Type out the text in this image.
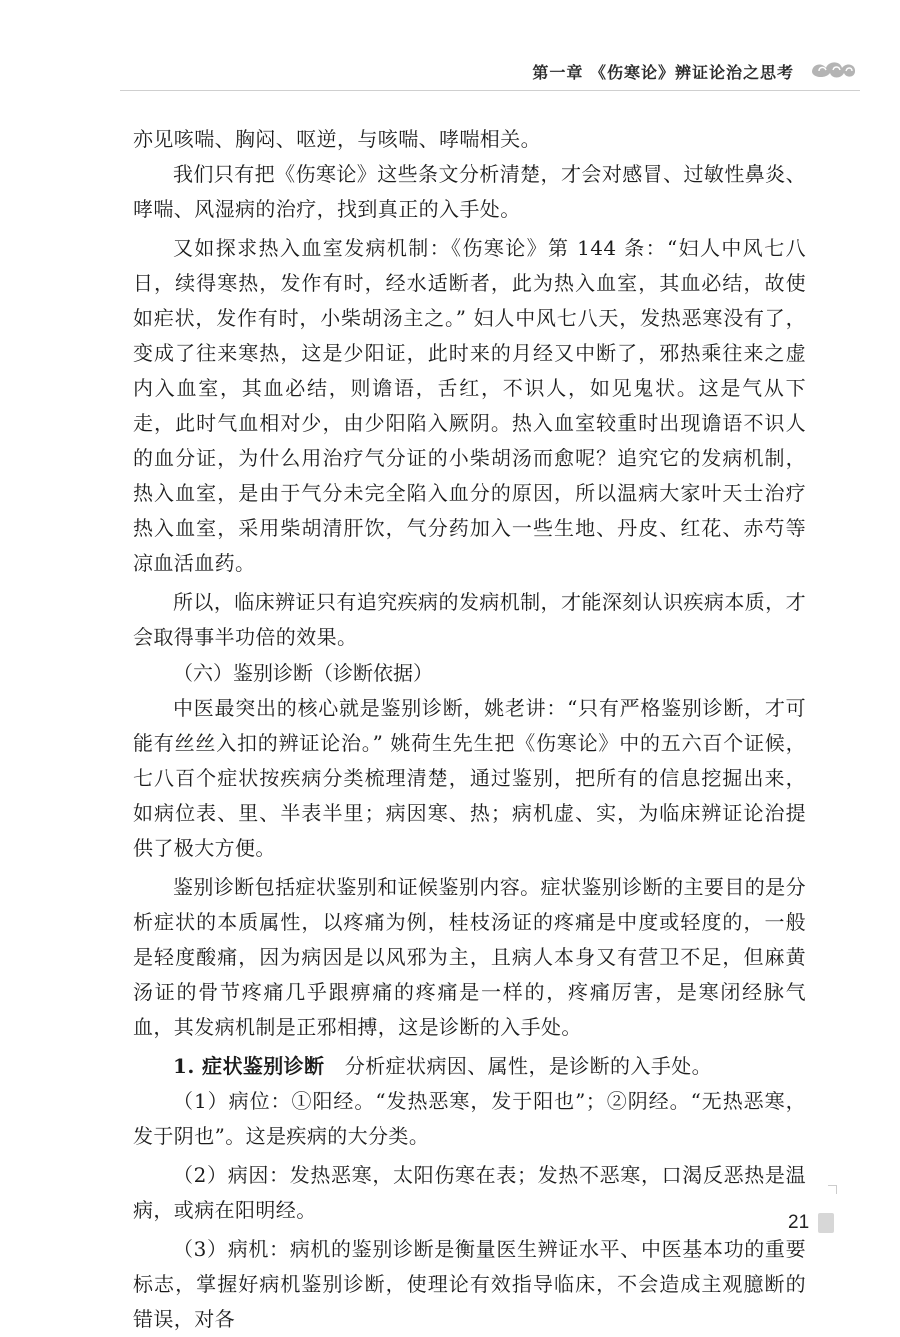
第一章 《伤寒论》辨证论治之思考

亦见咳喘、胸闷、呕逆，与咳喘、哮喘相关。

我们只有把《伤寒论》这些条文分析清楚，才会对感冒、过敏性鼻炎、哮喘、风湿病的治疗，找到真正的入手处。

又如探求热入血室发病机制：《伤寒论》第 144 条：“妇人中风七八日，续得寒热，发作有时，经水适断者，此为热入血室，其血必结，故使如疟状，发作有时，小柴胡汤主之。” 妇人中风七八天，发热恶寒没有了，变成了往来寒热，这是少阳证，此时来的月经又中断了，邪热乘往来之虚内入血室，其血必结，则谵语，舌红，不识人，如见鬼状。这是气从下走，此时气血相对少，由少阳陷入厥阴。热入血室较重时出现谵语不识人的血分证，为什么用治疗气分证的小柴胡汤而愈呢？追究它的发病机制，热入血室，是由于气分未完全陷入血分的原因，所以温病大家叶天士治疗热入血室，采用柴胡清肝饮，气分药加入一些生地、丹皮、红花、赤芍等凉血活血药。

所以，临床辨证只有追究疾病的发病机制，才能深刻认识疾病本质，才会取得事半功倍的效果。

（六）鉴别诊断（诊断依据）

中医最突出的核心就是鉴别诊断，姚老讲：“只有严格鉴别诊断，才可能有丝丝入扣的辨证论治。” 姚荷生先生把《伤寒论》中的五六百个证候，七八百个症状按疾病分类梳理清楚，通过鉴别，把所有的信息挖掘出来，如病位表、里、半表半里；病因寒、热；病机虚、实，为临床辨证论治提供了极大方便。

鉴别诊断包括症状鉴别和证候鉴别内容。症状鉴别诊断的主要目的是分析症状的本质属性，以疼痛为例，桂枝汤证的疼痛是中度或轻度的，一般是轻度酸痛，因为病因是以风邪为主，且病人本身又有营卫不足，但麻黄汤证的骨节疼痛几乎跟痹痛的疼痛是一样的，疼痛厉害，是寒闭经脉气血，其发病机制是正邪相搏，这是诊断的入手处。

1. 症状鉴别诊断　 分析症状病因、属性，是诊断的入手处。

（1）病位：①阳经。“发热恶寒，发于阳也”；②阴经。“无热恶寒，发于阴也”。这是疾病的大分类。

（2）病因：发热恶寒，太阳伤寒在表；发热不恶寒，口渴反恶热是温病，或病在阳明经。

（3）病机：病机的鉴别诊断是衡量医生辨证水平、中医基本功的重要标志，掌握好病机鉴别诊断，使理论有效指导临床，不会造成主观臆断的错误，对各

21
